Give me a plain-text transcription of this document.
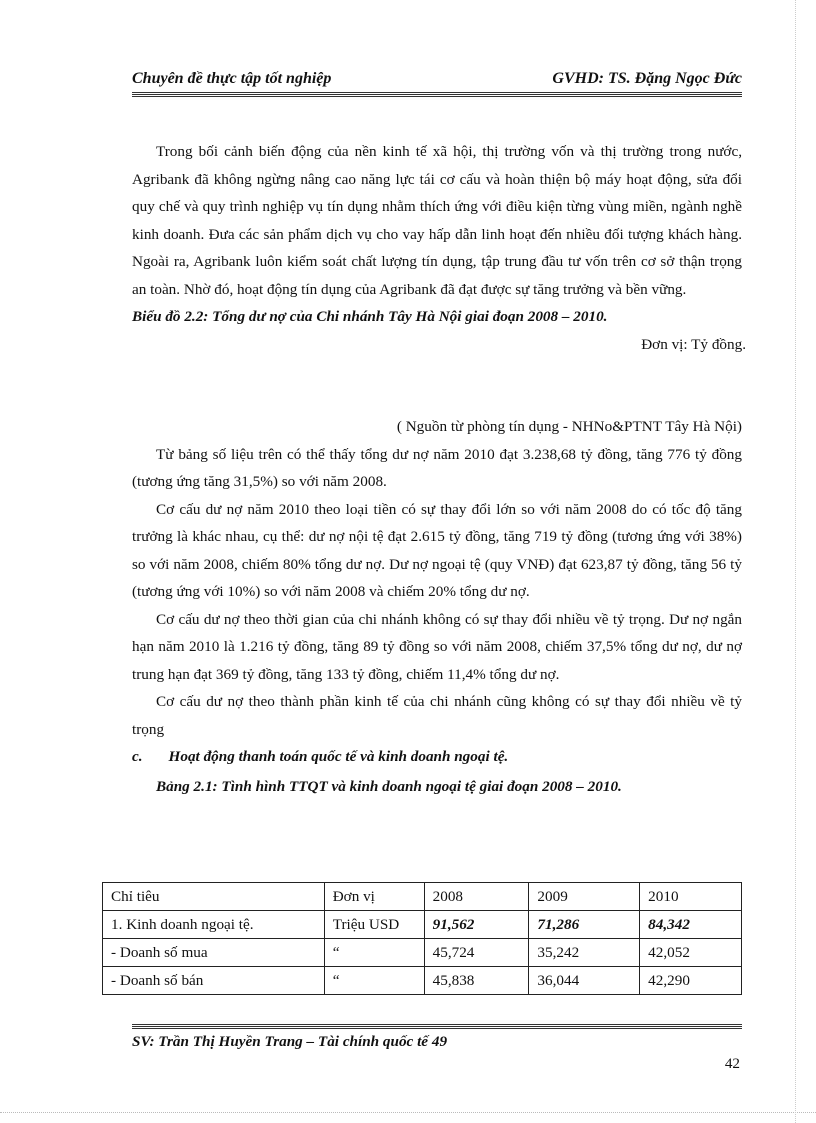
Chuyên đề thực tập tốt nghiệp	GVHD: TS. Đặng Ngọc Đức

Trong bối cảnh biến động của nền kinh tế xã hội, thị trường vốn và thị trường trong nước, Agribank đã không ngừng nâng cao năng lực tái cơ cấu và hoàn thiện bộ máy hoạt động, sửa đổi quy chế và quy trình nghiệp vụ tín dụng nhằm thích ứng với điều kiện từng vùng miền, ngành nghề kinh doanh. Đưa các sản phẩm dịch vụ cho vay hấp dẫn linh hoạt đến nhiều đối tượng khách hàng. Ngoài ra, Agribank luôn kiểm soát chất lượng tín dụng, tập trung đầu tư vốn trên cơ sở thận trọng an toàn. Nhờ đó, hoạt động tín dụng của Agribank đã đạt được sự tăng trưởng và bền vững.

Biểu đồ 2.2: Tổng dư nợ của Chi nhánh Tây Hà Nội giai đoạn 2008 – 2010.

Đơn vị: Tỷ đồng.

( Nguồn từ phòng tín dụng - NHNo&PTNT Tây Hà Nội)

Từ bảng số liệu trên có thể thấy tổng dư nợ năm 2010 đạt 3.238,68 tỷ đồng, tăng 776 tỷ đồng (tương ứng tăng 31,5%) so với năm 2008.

Cơ cấu dư nợ năm 2010 theo loại tiền có sự thay đổi lớn so với năm 2008 do có tốc độ tăng trưởng là khác nhau, cụ thể: dư nợ nội tệ đạt 2.615 tỷ đồng, tăng 719 tỷ đồng (tương ứng với 38%) so với năm 2008, chiếm 80% tổng dư nợ. Dư nợ ngoại tệ (quy VNĐ) đạt 623,87 tỷ đồng, tăng 56 tỷ (tương ứng với 10%) so với năm 2008 và chiếm 20% tổng dư nợ.

Cơ cấu dư nợ theo thời gian của chi nhánh không có sự thay đổi nhiều về tỷ trọng. Dư nợ ngắn hạn năm 2010 là 1.216 tỷ đồng, tăng 89 tỷ đồng so với năm 2008, chiếm 37,5% tổng dư nợ, dư nợ trung hạn đạt 369 tỷ đồng, tăng 133 tỷ đồng, chiếm 11,4% tổng dư nợ.

Cơ cấu dư nợ theo thành phần kinh tế của chi nhánh cũng không có sự thay đổi nhiều về tỷ trọng

c. Hoạt động thanh toán quốc tế và kinh doanh ngoại tệ.

Bảng 2.1: Tình hình TTQT và kinh doanh ngoại tệ giai đoạn 2008 – 2010.

Chỉ tiêu	Đơn vị	2008	2009	2010
1. Kinh doanh ngoại tệ.	Triệu USD	91,562	71,286	84,342
- Doanh số mua	“	45,724	35,242	42,052
- Doanh số bán	“	45,838	36,044	42,290
SV: Trần Thị Huyền Trang – Tài chính quốc tế 49
42
